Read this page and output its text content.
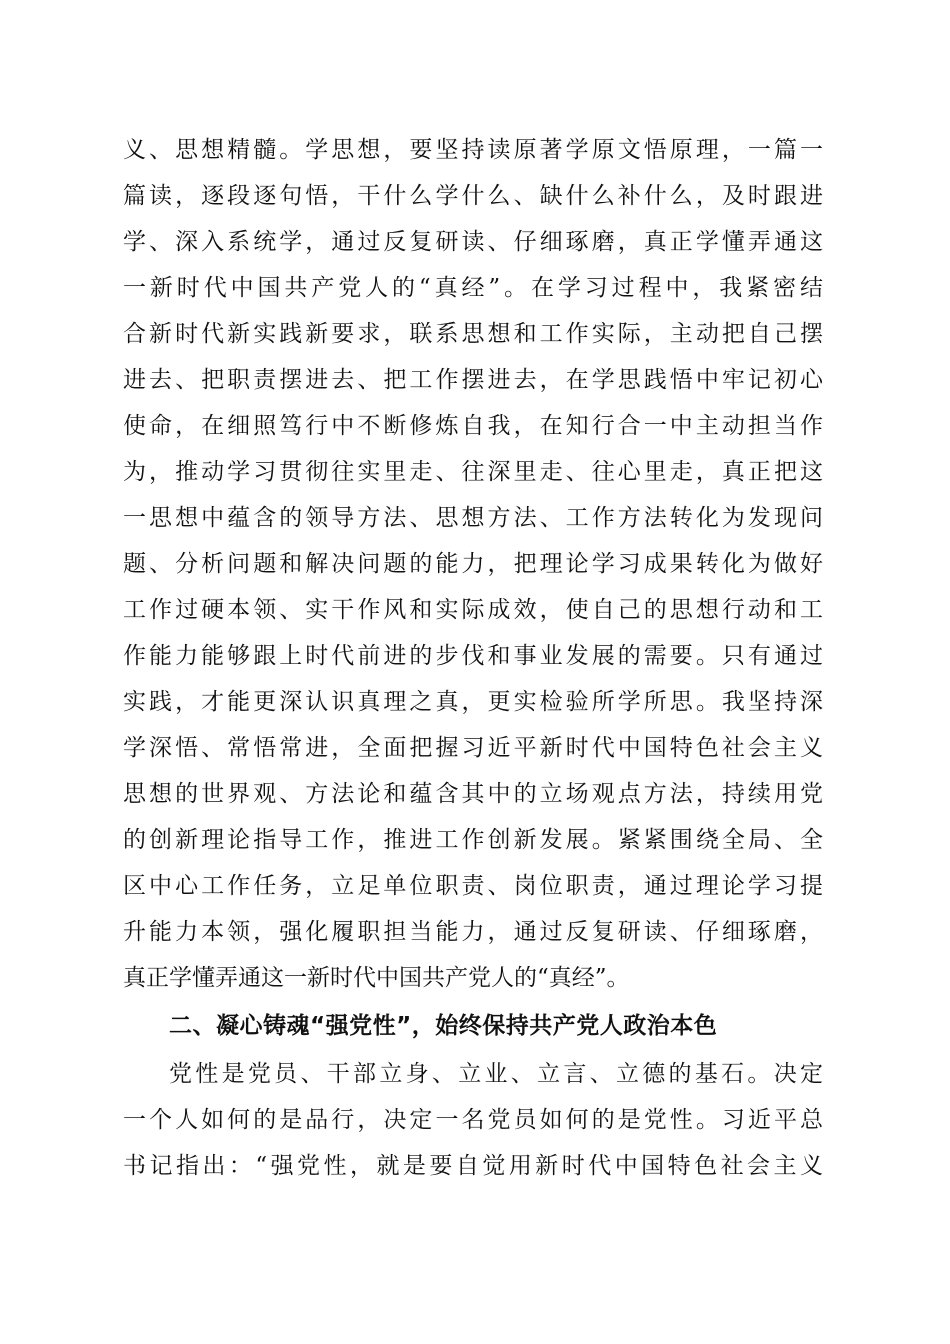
义、思想精髓。学思想，要坚持读原著学原文悟原理，一篇一
篇读，逐段逐句悟，干什么学什么、缺什么补什么，及时跟进
学、深入系统学，通过反复研读、仔细琢磨，真正学懂弄通这
一新时代中国共产党人的“真经”。在学习过程中，我紧密结
合新时代新实践新要求，联系思想和工作实际，主动把自己摆
进去、把职责摆进去、把工作摆进去，在学思践悟中牢记初心
使命，在细照笃行中不断修炼自我，在知行合一中主动担当作
为，推动学习贯彻往实里走、往深里走、往心里走，真正把这
一思想中蕴含的领导方法、思想方法、工作方法转化为发现问
题、分析问题和解决问题的能力，把理论学习成果转化为做好
工作过硬本领、实干作风和实际成效，使自己的思想行动和工
作能力能够跟上时代前进的步伐和事业发展的需要。只有通过
实践，才能更深认识真理之真，更实检验所学所思。我坚持深
学深悟、常悟常进，全面把握习近平新时代中国特色社会主义
思想的世界观、方法论和蕴含其中的立场观点方法，持续用党
的创新理论指导工作，推进工作创新发展。紧紧围绕全局、全
区中心工作任务，立足单位职责、岗位职责，通过理论学习提
升能力本领，强化履职担当能力，通过反复研读、仔细琢磨，
真正学懂弄通这一新时代中国共产党人的“真经”。
二、凝心铸魂“强党性”，始终保持共产党人政治本色
党性是党员、干部立身、立业、立言、立德的基石。决定
一个人如何的是品行，决定一名党员如何的是党性。习近平总
书记指出：“强党性，就是要自觉用新时代中国特色社会主义
